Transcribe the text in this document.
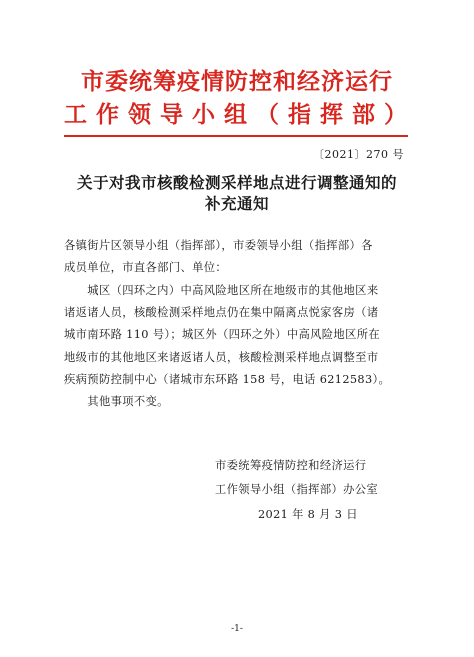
市委统筹疫情防控和经济运行
工作领导小组（指挥部）
〔2021〕270 号
关于对我市核酸检测采样地点进行调整通知的
补充通知
各镇街片区领导小组（指挥部），市委领导小组（指挥部）各
成员单位，市直各部门、单位：
　　城区（四环之内）中高风险地区所在地级市的其他地区来
诸返诸人员，核酸检测采样地点仍在集中隔离点悦家客房（诸
城市南环路 110 号）；城区外（四环之外）中高风险地区所在
地级市的其他地区来诸返诸人员，核酸检测采样地点调整至市
疾病预防控制中心（诸城市东环路 158 号，电话 6212583）。
　　其他事项不变。
市委统筹疫情防控和经济运行
工作领导小组（指挥部）办公室
2021 年 8 月 3 日
-1-
